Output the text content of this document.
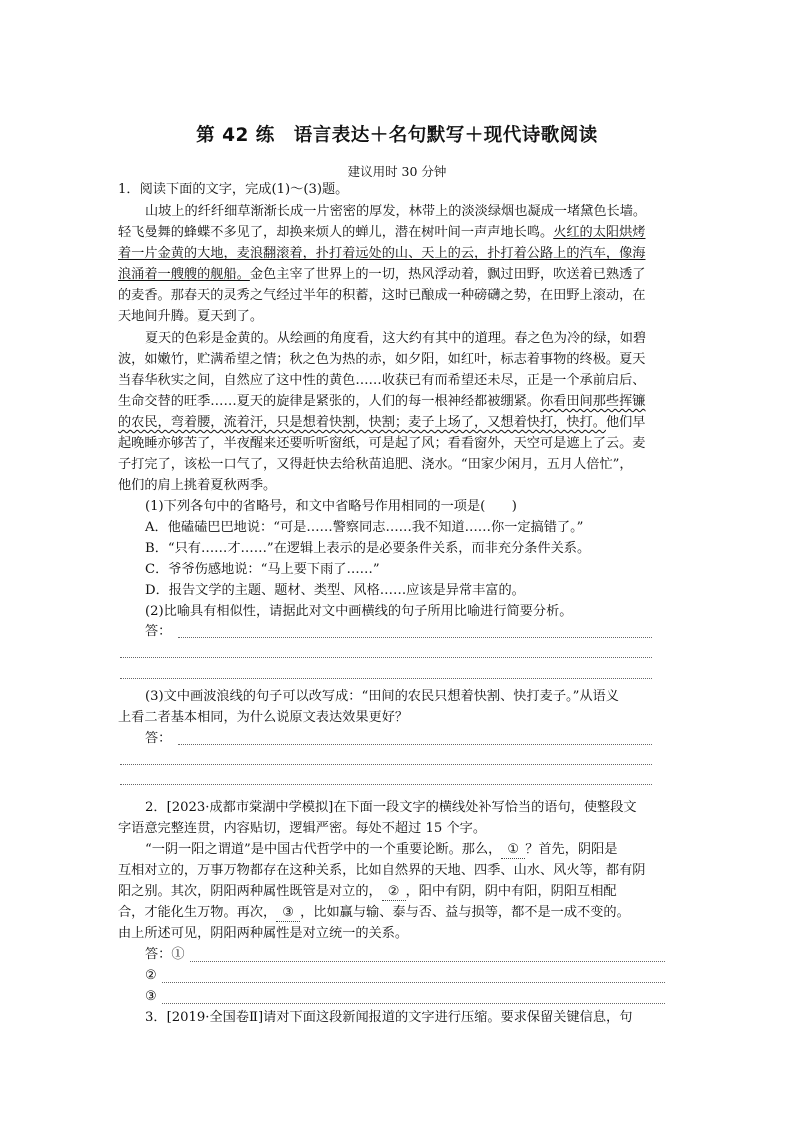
第 42 练　语言表达＋名句默写＋现代诗歌阅读
建议用时 30 分钟
1．阅读下面的文字，完成(1)～(3)题。
山坡上的纤纤细草渐渐长成一片密密的厚发，林带上的淡淡绿烟也凝成一堵黛色长墙。
轻飞曼舞的蜂蝶不多见了，却换来烦人的蝉儿，潜在树叶间一声声地长鸣。火红的太阳烘烤
着一片金黄的大地，麦浪翻滚着，扑打着远处的山、天上的云，扑打着公路上的汽车，像海
浪涌着一艘艘的舰船。金色主宰了世界上的一切，热风浮动着，飘过田野，吹送着已熟透了
的麦香。那春天的灵秀之气经过半年的积蓄，这时已酿成一种磅礴之势，在田野上滚动，在
天地间升腾。夏天到了。
夏天的色彩是金黄的。从绘画的角度看，这大约有其中的道理。春之色为冷的绿，如碧
波，如嫩竹，贮满希望之情；秋之色为热的赤，如夕阳，如红叶，标志着事物的终极。夏天
当春华秋实之间，自然应了这中性的黄色……收获已有而希望还未尽，正是一个承前启后、
生命交替的旺季……夏天的旋律是紧张的，人们的每一根神经都被绷紧。你看田间那些挥镰
的农民，弯着腰，流着汗，只是想着快割，快割；麦子上场了，又想着快打，快打。他们早
起晚睡亦够苦了，半夜醒来还要听听窗纸，可是起了风；看看窗外，天空可是遮上了云。麦
子打完了，该松一口气了，又得赶快去给秋苗追肥、浇水。“田家少闲月，五月人倍忙”，
他们的肩上挑着夏秋两季。
(1)下列各句中的省略号，和文中省略号作用相同的一项是(　　)
A．他磕磕巴巴地说：“可是……警察同志……我不知道……你一定搞错了。”
B．“只有……才……”在逻辑上表示的是必要条件关系，而非充分条件关系。
C．爷爷伤感地说：“马上要下雨了……”
D．报告文学的主题、题材、类型、风格……应该是异常丰富的。
(2)比喻具有相似性，请据此对文中画横线的句子所用比喻进行简要分析。
答：
(3)文中画波浪线的句子可以改写成：“田间的农民只想着快割、快打麦子。”从语义
上看二者基本相同，为什么说原文表达效果更好？
答：
2．[2023·成都市棠湖中学模拟]在下面一段文字的横线处补写恰当的语句，使整段文
字语意完整连贯，内容贴切，逻辑严密。每处不超过 15 个字。
“一阴一阳之谓道”是中国古代哲学中的一个重要论断。那么， ① ？首先，阴阳是
互相对立的，万事万物都存在这种关系，比如自然界的天地、四季、山水、风火等，都有阴
阳之别。其次，阴阳两种属性既管是对立的， ② ，阳中有阴，阴中有阳，阴阳互相配
合，才能化生万物。再次， ③ ，比如赢与输、泰与否、益与损等，都不是一成不变的。
由上所述可见，阴阳两种属性是对立统一的关系。
答：①
②
③
3．[2019·全国卷Ⅱ]请对下面这段新闻报道的文字进行压缩。要求保留关键信息，句
